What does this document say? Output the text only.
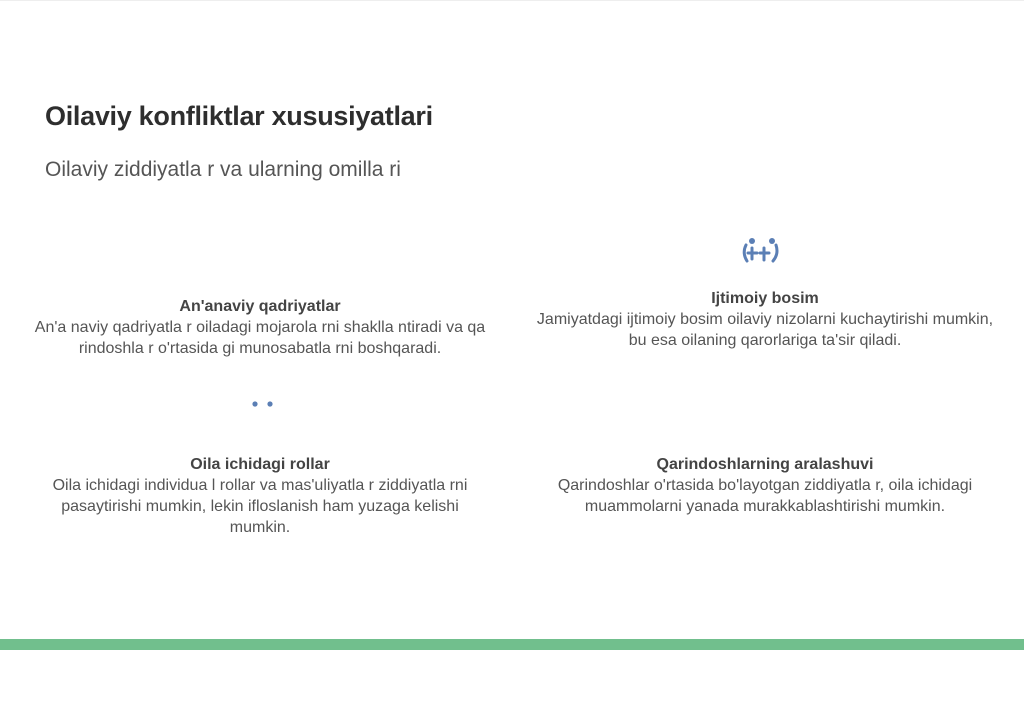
Oilaviy konfliktlar xususiyatlari
Oilaviy ziddiyatla r va ularning omilla ri
An'anaviy qadriyatlar
An'a naviy qadriyatla r oiladagi mojarola rni shaklla ntiradi va qa rindoshla r o'rtasida gi munosabatla rni boshqaradi.
Ijtimoiy bosim
Jamiyatdagi ijtimoiy bosim oilaviy nizolarni kuchaytirishi mumkin, bu esa oilaning qarorlariga ta'sir qiladi.
Oila ichidagi rollar
Oila ichidagi individua l rollar va mas'uliyatla r ziddiyatla rni pasaytirishi mumkin, lekin ifloslanish ham yuzaga kelishi mumkin.
Qarindoshlarning aralashuvi
Qarindoshlar o'rtasida bo'layotgan ziddiyatla r, oila ichidagi muammolarni yanada murakkablashtirishi mumkin.
